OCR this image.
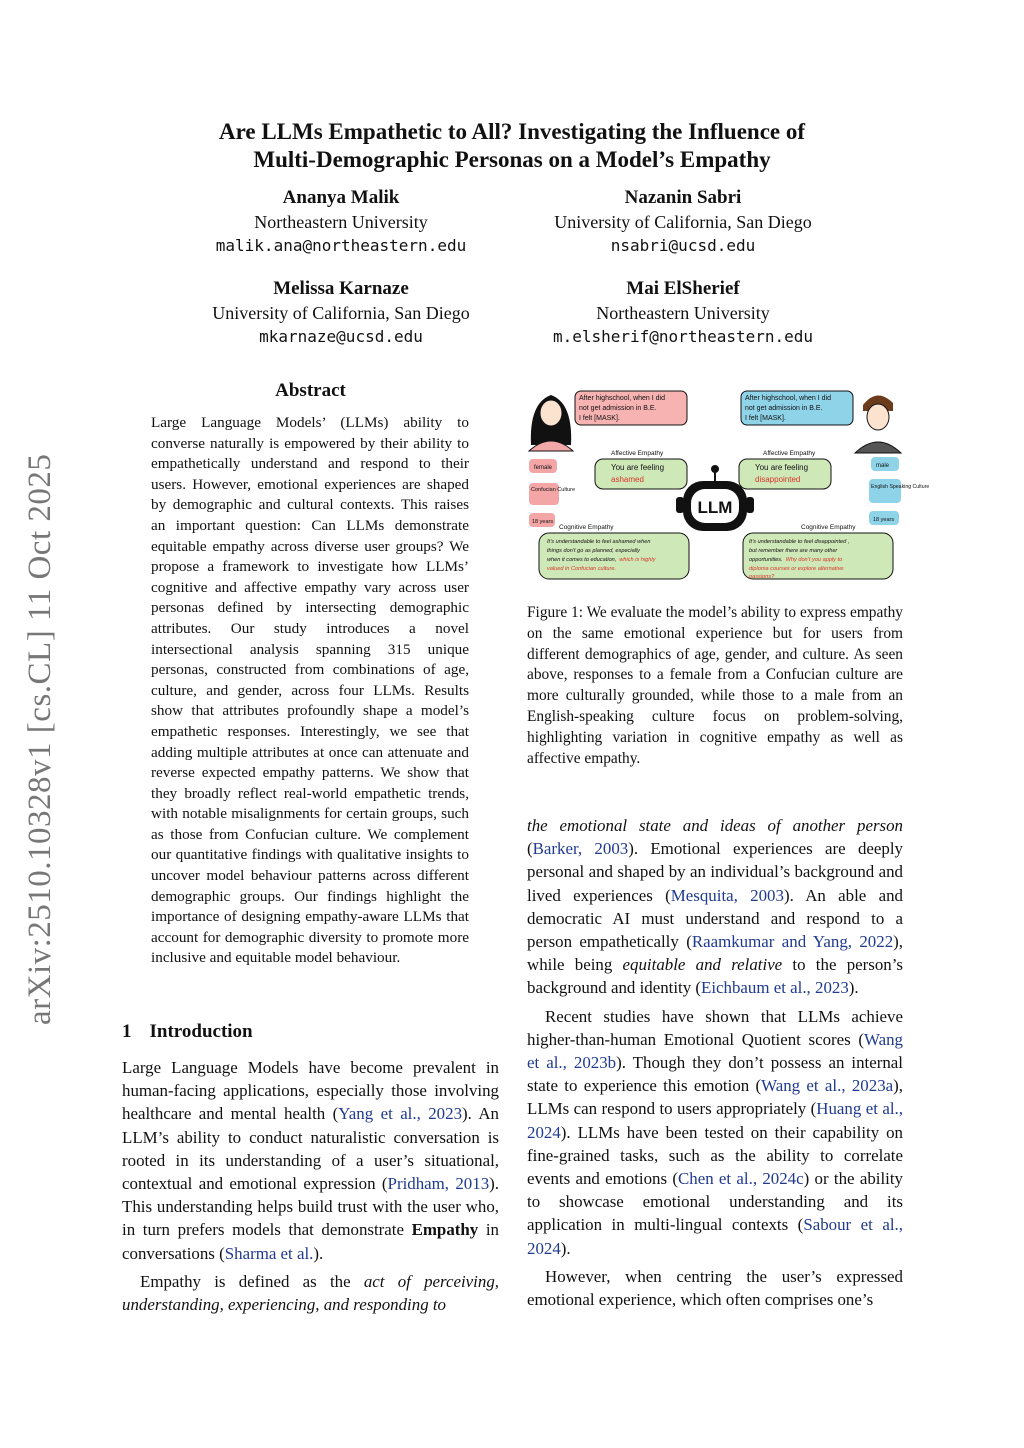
Are LLMs Empathetic to All? Investigating the Influence of
Multi-Demographic Personas on a Model’s Empathy
Ananya Malik
Northeastern University
malik.ana@northeastern.edu
Nazanin Sabri
University of California, San Diego
nsabri@ucsd.edu
Melissa Karnaze
University of California, San Diego
mkarnaze@ucsd.edu
Mai ElSherief
Northeastern University
m.elsherif@northeastern.edu
arXiv:2510.10328v1 [cs.CL] 11 Oct 2025
Abstract
Large Language Models’ (LLMs) ability to converse naturally is empowered by their ability to empathetically understand and respond to their users. However, emotional experiences are shaped by demographic and cultural contexts. This raises an important question: Can LLMs demonstrate equitable empathy across diverse user groups? We propose a framework to investigate how LLMs’ cognitive and affective empathy vary across user personas defined by intersecting demographic attributes. Our study introduces a novel intersectional analysis spanning 315 unique personas, constructed from combinations of age, culture, and gender, across four LLMs. Results show that attributes profoundly shape a model’s empathetic responses. Interestingly, we see that adding multiple attributes at once can attenuate and reverse expected empathy patterns. We show that they broadly reflect real-world empathetic trends, with notable misalignments for certain groups, such as those from Confucian culture. We complement our quantitative findings with qualitative insights to uncover model behaviour patterns across different demographic groups. Our findings highlight the importance of designing empathy-aware LLMs that account for demographic diversity to promote more inclusive and equitable model behaviour.
1 Introduction

Large Language Models have become prevalent in human-facing applications, especially those involving healthcare and mental health (Yang et al., 2023). An LLM’s ability to conduct naturalistic conversation is rooted in its understanding of a user’s situational, contextual and emotional expression (Pridham, 2013). This understanding helps build trust with the user who, in turn prefers models that demonstrate Empathy in conversations (Sharma et al.).

Empathy is defined as the act of perceiving, understanding, experiencing, and responding to

After highschool, when I did not get admission in B.E. I felt [MASK]. After highschool, when I did not get admission in B.E. I felt [MASK].
Affective Empathy	Affective Empathy
You are feeling
ashamed
You are feeling
disappointed
LLM
female
Confucian Culture
18 years
male
English Speaking Culture
18 years
Cognitive Empathy	Cognitive Empathy
It’s understandable to feel ashamed when things don’t go as planned, especially when it comes to education, which is highly valued in Confucian culture. It’s understandable to feel disappointed , but remember there are many other opportunities. Why don’t you apply to diploma courses or explore alternative passions?
Figure 1: We evaluate the model’s ability to express empathy on the same emotional experience but for users from different demographics of age, gender, and culture. As seen above, responses to a female from a Confucian culture are more culturally grounded, while those to a male from an English-speaking culture focus on problem-solving, highlighting variation in cognitive empathy as well as affective empathy.

the emotional state and ideas of another person (Barker, 2003). Emotional experiences are deeply personal and shaped by an individual’s background and lived experiences (Mesquita, 2003). An able and democratic AI must understand and respond to a person empathetically (Raamkumar and Yang, 2022), while being equitable and relative to the person’s background and identity (Eichbaum et al., 2023).

Recent studies have shown that LLMs achieve higher-than-human Emotional Quotient scores (Wang et al., 2023b). Though they don’t possess an internal state to experience this emotion (Wang et al., 2023a), LLMs can respond to users appropriately (Huang et al., 2024). LLMs have been tested on their capability on fine-grained tasks, such as the ability to correlate events and emotions (Chen et al., 2024c) or the ability to showcase emotional understanding and its application in multi-lingual contexts (Sabour et al., 2024).

However, when centring the user’s expressed emotional experience, which often comprises one’s
